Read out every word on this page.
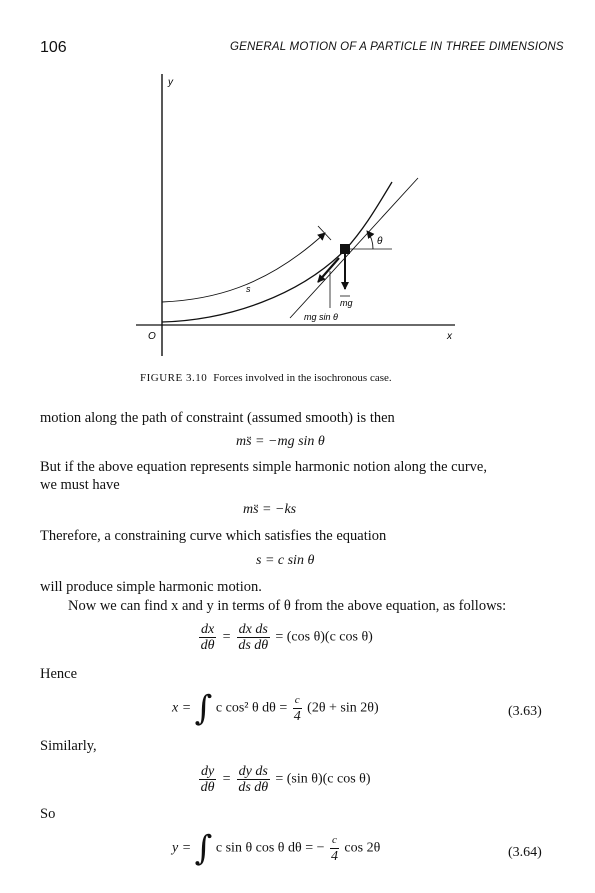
106	GENERAL MOTION OF A PARTICLE IN THREE DIMENSIONS
y
x
O
θ
s
mg
mg sin θ
FIGURE 3.10 Forces involved in the isochronous case.
motion along the path of constraint (assumed smooth) is then
ms̈ = −mg sin θ
But if the above equation represents simple harmonic notion along the curve,
we must have
ms̈ = −ks
Therefore, a constraining curve which satisfies the equation
s = c sin θ
will produce simple harmonic motion.
Now we can find x and y in terms of θ from the above equation, as follows:
$\frac{dx}{d\theta} = \frac{\text{dx ds}}{\text{ds dθ}} = (\cos$ θ)(c cos θ)
Hence
x = ∫ c cos² θ $d\theta = \frac{c}{4} (2\theta + \sin 2\theta)$	(3.63)
Similarly,
$\frac{dy}{d\theta} = \frac{\text{dy ds}}{\text{ds dθ}} = (\sin$ θ)(c cos θ)
So
y = ∫ c sin θ cos θ dθ = − $\frac{c}{4}$ cos 2θ	(3.64)
